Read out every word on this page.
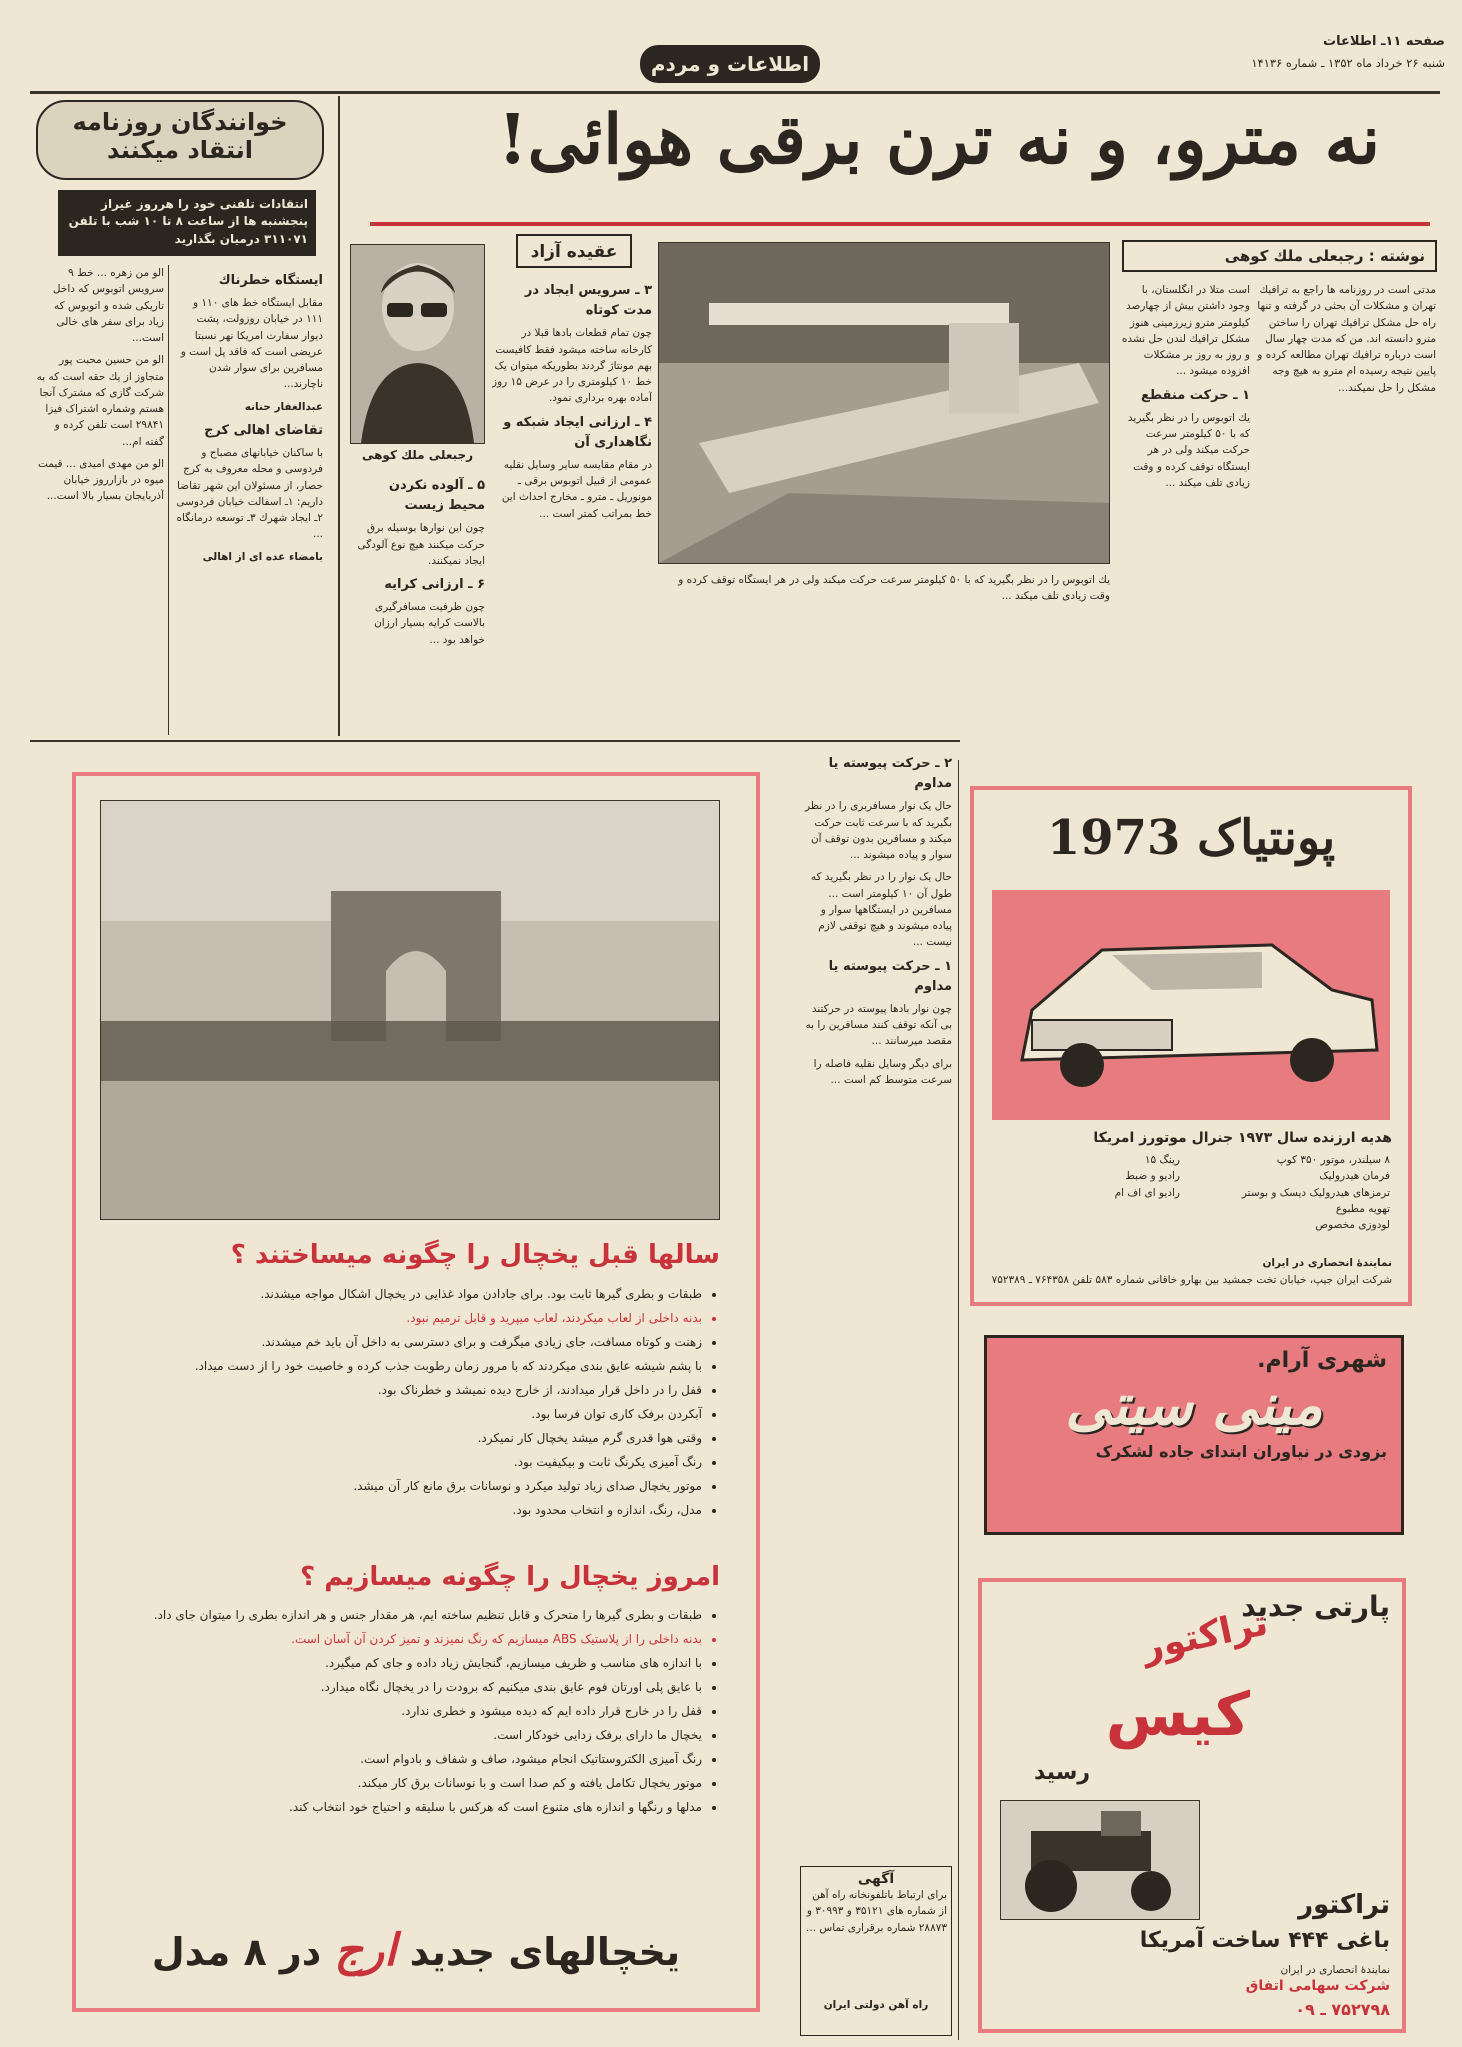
صفحه ۱۱ـ اطلاعات
شنبه ۲۶ خرداد ماه ۱۳۵۲ ـ شماره ۱۴۱۳۶
اطلاعات و مردم
خوانندگان روزنامه
انتقاد میکنند
انتقادات تلفنی خود را هرروز غیراز پنجشنبه ها از ساعت ۸ تا ۱۰ شب با تلفن ۳۱۱۰۷۱ درمیان بگذارید

الو من زهره ... خط ۹ سرویس اتوبوس که داخل تاریكی شده و اتوبوس که زیاد برای سفر های خالی است...

الو من حسین محبت پور متجاوز از یك حقه است که به شرکت گازی که مشترک آنجا هستم وشماره اشتراک فیزا ۲۹۸۴۱ است تلفن کرده و گفته ام...

الو من مهدی امیدی ... قیمت میوه در بازارروز خیابان آذربایجان بسیار بالا است...

ایستگاه خطرناك

مقابل ایستگاه خط های ۱۱۰ و ۱۱۱ در خیابان روزولت، پشت دیوار سفارت امریکا نهر نسبتا عریضی است که فاقد پل است و مسافرین برای سوار شدن ناچارند...

عبدالغفار حنانه

تقاضای اهالی کرج

با ساکنان خیابانهای مصباح و فردوسی و محله معروف به کرج حصار، از مسئولان این شهر تقاضا داریم: ۱ـ اسفالت خیابان فردوسی ۲ـ ایجاد شهرك ۳ـ توسعه درمانگاه ...

بامضاء عده ای از اهالی

نه مترو، و نه ترن برقی هوائی!
نوشته : رجبعلی ملك كوهی
عقیده آزاد
رجبعلی ملك كوهی
۵ ـ آلوده نکردن محیط زیست

چون این نوارها بوسیله برق حرکت میکنند هیچ نوع آلودگی ایجاد نمیکنند.

۶ ـ ارزانی کرایه

چون ظرفیت مسافرگیری بالاست کرایه بسیار ارزان خواهد بود ...

۳ ـ سرویس ایجاد در مدت کوتاه

چون تمام قطعات بادها قبلا در کارخانه ساخته میشود فقط کافیست بهم مونتاژ گردند بطوریکه میتوان یک خط ۱۰ کیلومتری را در عرض ۱۵ روز آماده بهره برداری نمود.

۴ ـ ارزانی ایجاد شبکه و نگاهداری آن

در مقام مقایسه سایر وسایل نقلیه عمومی از قبیل اتوبوس برقی ـ مونوریل ـ مترو ـ مخارج احداث این خط بمراتب کمتر است ...

مدتی است در روزنامه ها راجع به ترافیك تهران و مشکلات آن بحثی در گرفته و تنها راه حل مشکل ترافیك تهران را ساختن مترو دانسته اند. من که مدت چهار سال است درباره ترافیك تهران مطالعه کرده و پایین نتیجه رسیده ام مترو به هیچ وجه مشکل را حل نمیکند...

است متلا در انگلستان، با وجود داشتن بیش از چهارصد کیلومتر مترو زیرزمینی هنوز مشکل ترافیك لندن حل نشده و روز به روز بر مشکلات افزوده میشود ...

۱ ـ حرکت منقطع

یك اتوبوس را در نظر بگیرید که با ۵۰ کیلومتر سرعت حرکت میکند ولی در هر ایستگاه توقف کرده و وقت زیادی تلف میکند ...

یك اتوبوس را در نظر بگیرید که با ۵۰ کیلومتر سرعت حرکت میکند ولی در هر ایستگاه توقف کرده و وقت زیادی تلف میکند ...

۲ ـ حرکت پیوسته یا مداوم

حال یک نوار مسافربری را در نظر بگیرید که با سرعت ثابت حرکت میکند و مسافرین بدون توقف آن سوار و پیاده میشوند ...

حال یک نوار را در نظر بگیرید که طول آن ۱۰ کیلومتر است ... مسافرین در ایستگاهها سوار و پیاده میشوند و هیچ توقفی لازم نیست ...

۱ ـ حرکت پیوسته یا مداوم

چون نوار بادها پیوسته در حرکتند بی آنکه توقف کنند مسافرین را به مقصد میرسانند ...

برای دیگر وسایل نقلیه فاصله را سرعت متوسط کم است ...

آگهی
برای ارتباط باتلفونخانه راه آهن از شماره های ۳۵۱۲۱ و ۳۰۹۹۳ و ۲۸۸۷۳ شماره برقراری تماس ...
راه آهن دولتی ایران
سالها قبل یخچال را چگونه میساختند ؟
• طبقات و بطری گیرها ثابت بود. برای جادادن مواد غذایی در یخچال اشکال مواجه میشدند.
• بدنه داخلی از لعاب میکردند، لعاب میپرید و قابل ترمیم نبود.
• زهنت و کوتاه مسافت، جای زیادی میگرفت و برای دسترسی به داخل آن باید خم میشدند.
• با پشم شیشه عایق بندی میکردند که با مرور زمان رطوبت جذب کرده و خاصیت خود را از دست میداد.
• قفل را در داخل قرار میدادند، از خارج دیده نمیشد و خطرناک بود.
• آبکردن برفک کاری توان فرسا بود.
• وقتی هوا قدری گرم میشد یخچال کار نمیکرد.
• رنگ آمیزی یکرنگ ثابت و بیکیفیت بود.
• موتور یخچال صدای زیاد تولید میکرد و نوسانات برق مانع کار آن میشد.
• مدل، رنگ، اندازه و انتخاب محدود بود.
امروز یخچال را چگونه میسازیم ؟
• طبقات و بطری گیرها را متحرک و قابل تنظیم ساخته ایم، هر مقدار جنس و هر اندازه بطری را میتوان جای داد.
• بدنه داخلی را از پلاستیک ABS میسازیم که رنگ نمیزند و تمیز کردن آن آسان است.
• با اندازه های مناسب و ظریف میسازیم، گنجایش زیاد داده و جای کم میگیرد.
• با عایق پلی اورتان فوم عایق بندی میکنیم که برودت را در یخچال نگاه میدارد.
• قفل را در خارج قرار داده ایم که دیده میشود و خطری ندارد.
• یخچال ما دارای برفک زدایی خودکار است.
• رنگ آمیزی الکتروستاتیک انجام میشود، صاف و شفاف و بادوام است.
• موتور یخچال تکامل یافته و کم صدا است و با نوسانات برق کار میکند.
• مدلها و رنگها و اندازه های متنوع است که هرکس با سلیقه و احتیاج خود انتخاب کند.
یخچالهای جدید ارج در ۸ مدل
پونتیاک 1973
هدیه ارزنده سال ۱۹۷۳ جنرال موتورز امریکا
۸ سیلندر، موتور ۳۵۰ کوپ
فرمان هیدرولیک
ترمزهای هیدرولیک دیسک و بوستر
تهویه مطبوع
لودوزی مخصوص
رینگ ۱۵
رادیو و ضبط
رادیو ای اف ام
نمایندۀ انحصاری در ایران
شرکت ایران جیپ، خیابان تخت جمشید بین بهارو خاقانی شماره ۵۸۳ تلفن ۷۶۴۳۵۸ ـ ۷۵۲۳۸۹
شهری آرام.
مینی سیتی
بزودی در نیاوران ابتدای جاده لشکرک
پارتی جدید
تراکتور
کیس
رسید
تراکتور
باغی ۴۴۴ ساخت آمریکا
نمایندۀ انحصاری در ایران
شرکت سهامی اتفاق
۷۵۲۷۹۸ ـ ۰۹
